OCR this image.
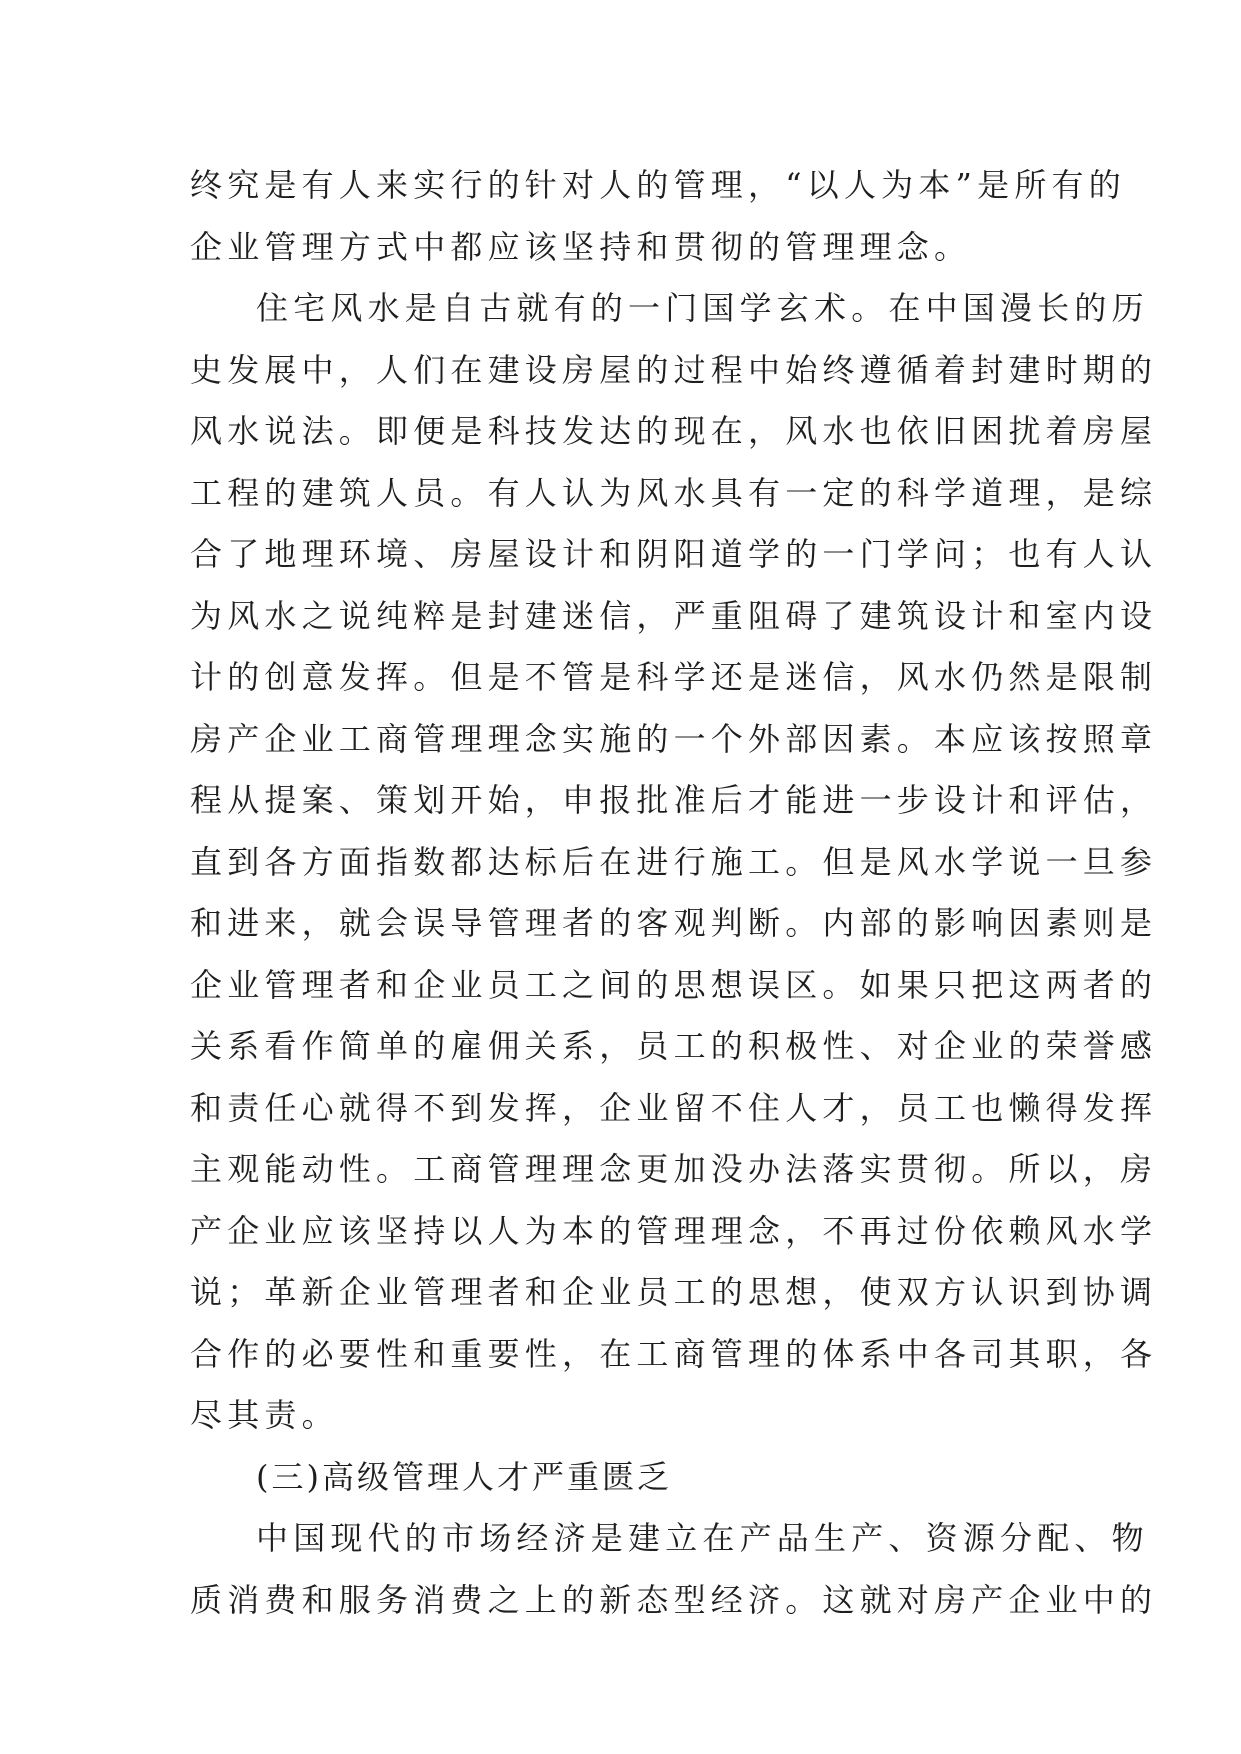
终究是有人来实行的针对人的管理，“以人为本”是所有的
企业管理方式中都应该坚持和贯彻的管理理念。
住宅风水是自古就有的一门国学玄术。在中国漫长的历
史发展中，人们在建设房屋的过程中始终遵循着封建时期的
风水说法。即便是科技发达的现在，风水也依旧困扰着房屋
工程的建筑人员。有人认为风水具有一定的科学道理，是综
合了地理环境、房屋设计和阴阳道学的一门学问；也有人认
为风水之说纯粹是封建迷信，严重阻碍了建筑设计和室内设
计的创意发挥。但是不管是科学还是迷信，风水仍然是限制
房产企业工商管理理念实施的一个外部因素。本应该按照章
程从提案、策划开始，申报批准后才能进一步设计和评估，
直到各方面指数都达标后在进行施工。但是风水学说一旦参
和进来，就会误导管理者的客观判断。内部的影响因素则是
企业管理者和企业员工之间的思想误区。如果只把这两者的
关系看作简单的雇佣关系，员工的积极性、对企业的荣誉感
和责任心就得不到发挥，企业留不住人才，员工也懒得发挥
主观能动性。工商管理理念更加没办法落实贯彻。所以，房
产企业应该坚持以人为本的管理理念，不再过份依赖风水学
说；革新企业管理者和企业员工的思想，使双方认识到协调
合作的必要性和重要性，在工商管理的体系中各司其职，各
尽其责。
(三)高级管理人才严重匮乏
中国现代的市场经济是建立在产品生产、资源分配、物
质消费和服务消费之上的新态型经济。这就对房产企业中的
